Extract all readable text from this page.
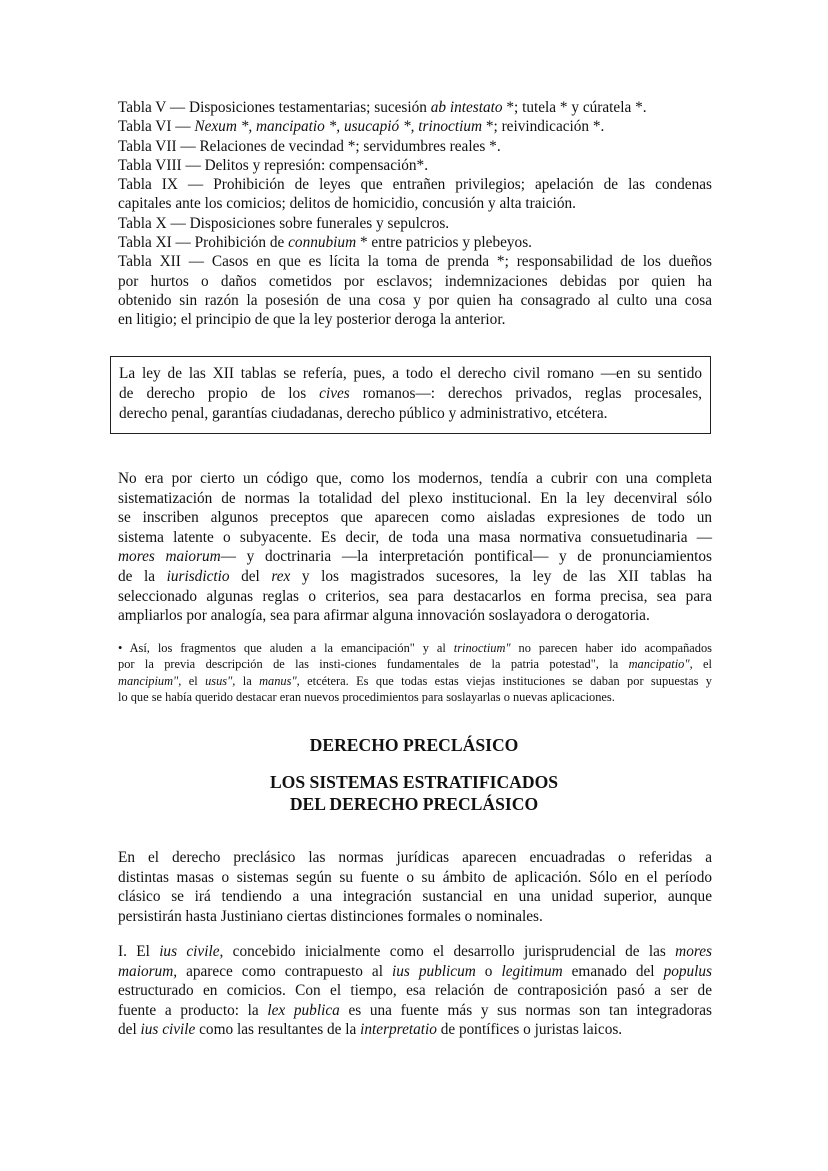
Tabla V — Disposiciones testamentarias; sucesión ab intestato *; tutela * y cúratela *.
Tabla VI — Nexum *, mancipatio *, usucapió *, trinoctium *; reivindicación *.
Tabla VII — Relaciones de vecindad *; servidumbres reales *.
Tabla VIII — Delitos y represión: compensación*.
Tabla IX — Prohibición de leyes que entrañen privilegios; apelación de las condenas
capitales ante los comicios; delitos de homicidio, concusión y alta traición.
Tabla X — Disposiciones sobre funerales y sepulcros.
Tabla XI — Prohibición de connubium * entre patricios y plebeyos.
Tabla XII — Casos en que es lícita la toma de prenda *; responsabilidad de los dueños
por hurtos o daños cometidos por esclavos; indemnizaciones debidas por quien ha
obtenido sin razón la posesión de una cosa y por quien ha consagrado al culto una cosa
en litigio; el principio de que la ley posterior deroga la anterior.
La ley de las XII tablas se refería, pues, a todo el derecho civil romano —en su sentido
de derecho propio de los cives romanos—: derechos privados, reglas procesales,
derecho penal, garantías ciudadanas, derecho público y administrativo, etcétera.
No era por cierto un código que, como los modernos, tendía a cubrir con una completa
sistematización de normas la totalidad del plexo institucional. En la ley decenviral sólo
se inscriben algunos preceptos que aparecen como aisladas expresiones de todo un
sistema latente o subyacente. Es decir, de toda una masa normativa consuetudinaria —
mores maiorum— y doctrinaria —la interpretación pontifical— y de pronunciamientos
de la iurisdictio del rex y los magistrados sucesores, la ley de las XII tablas ha
seleccionado algunas reglas o criterios, sea para destacarlos en forma precisa, sea para
ampliarlos por analogía, sea para afirmar alguna innovación soslayadora o derogatoria.
• Así, los fragmentos que aluden a la emancipación" y al trinoctium" no parecen haber ido acompañados
por la previa descripción de las insti-ciones fundamentales de la patria potestad", la mancipatio", el
mancipium", el usus", la manus", etcétera. Es que todas estas viejas instituciones se daban por supuestas y
lo que se había querido destacar eran nuevos procedimientos para soslayarlas o nuevas aplicaciones.
DERECHO PRECLÁSICO
LOS SISTEMAS ESTRATIFICADOS
DEL DERECHO PRECLÁSICO
En el derecho preclásico las normas jurídicas aparecen encuadradas o referidas a
distintas masas o sistemas según su fuente o su ámbito de aplicación. Sólo en el período
clásico se irá tendiendo a una integración sustancial en una unidad superior, aunque
persistirán hasta Justiniano ciertas distinciones formales o nominales.
I. El ius civile, concebido inicialmente como el desarrollo jurisprudencial de las mores
maiorum, aparece como contrapuesto al ius publicum o legitimum emanado del populus
estructurado en comicios. Con el tiempo, esa relación de contraposición pasó a ser de
fuente a producto: la lex publica es una fuente más y sus normas son tan integradoras
del ius civile como las resultantes de la interpretatio de pontífices o juristas laicos.
